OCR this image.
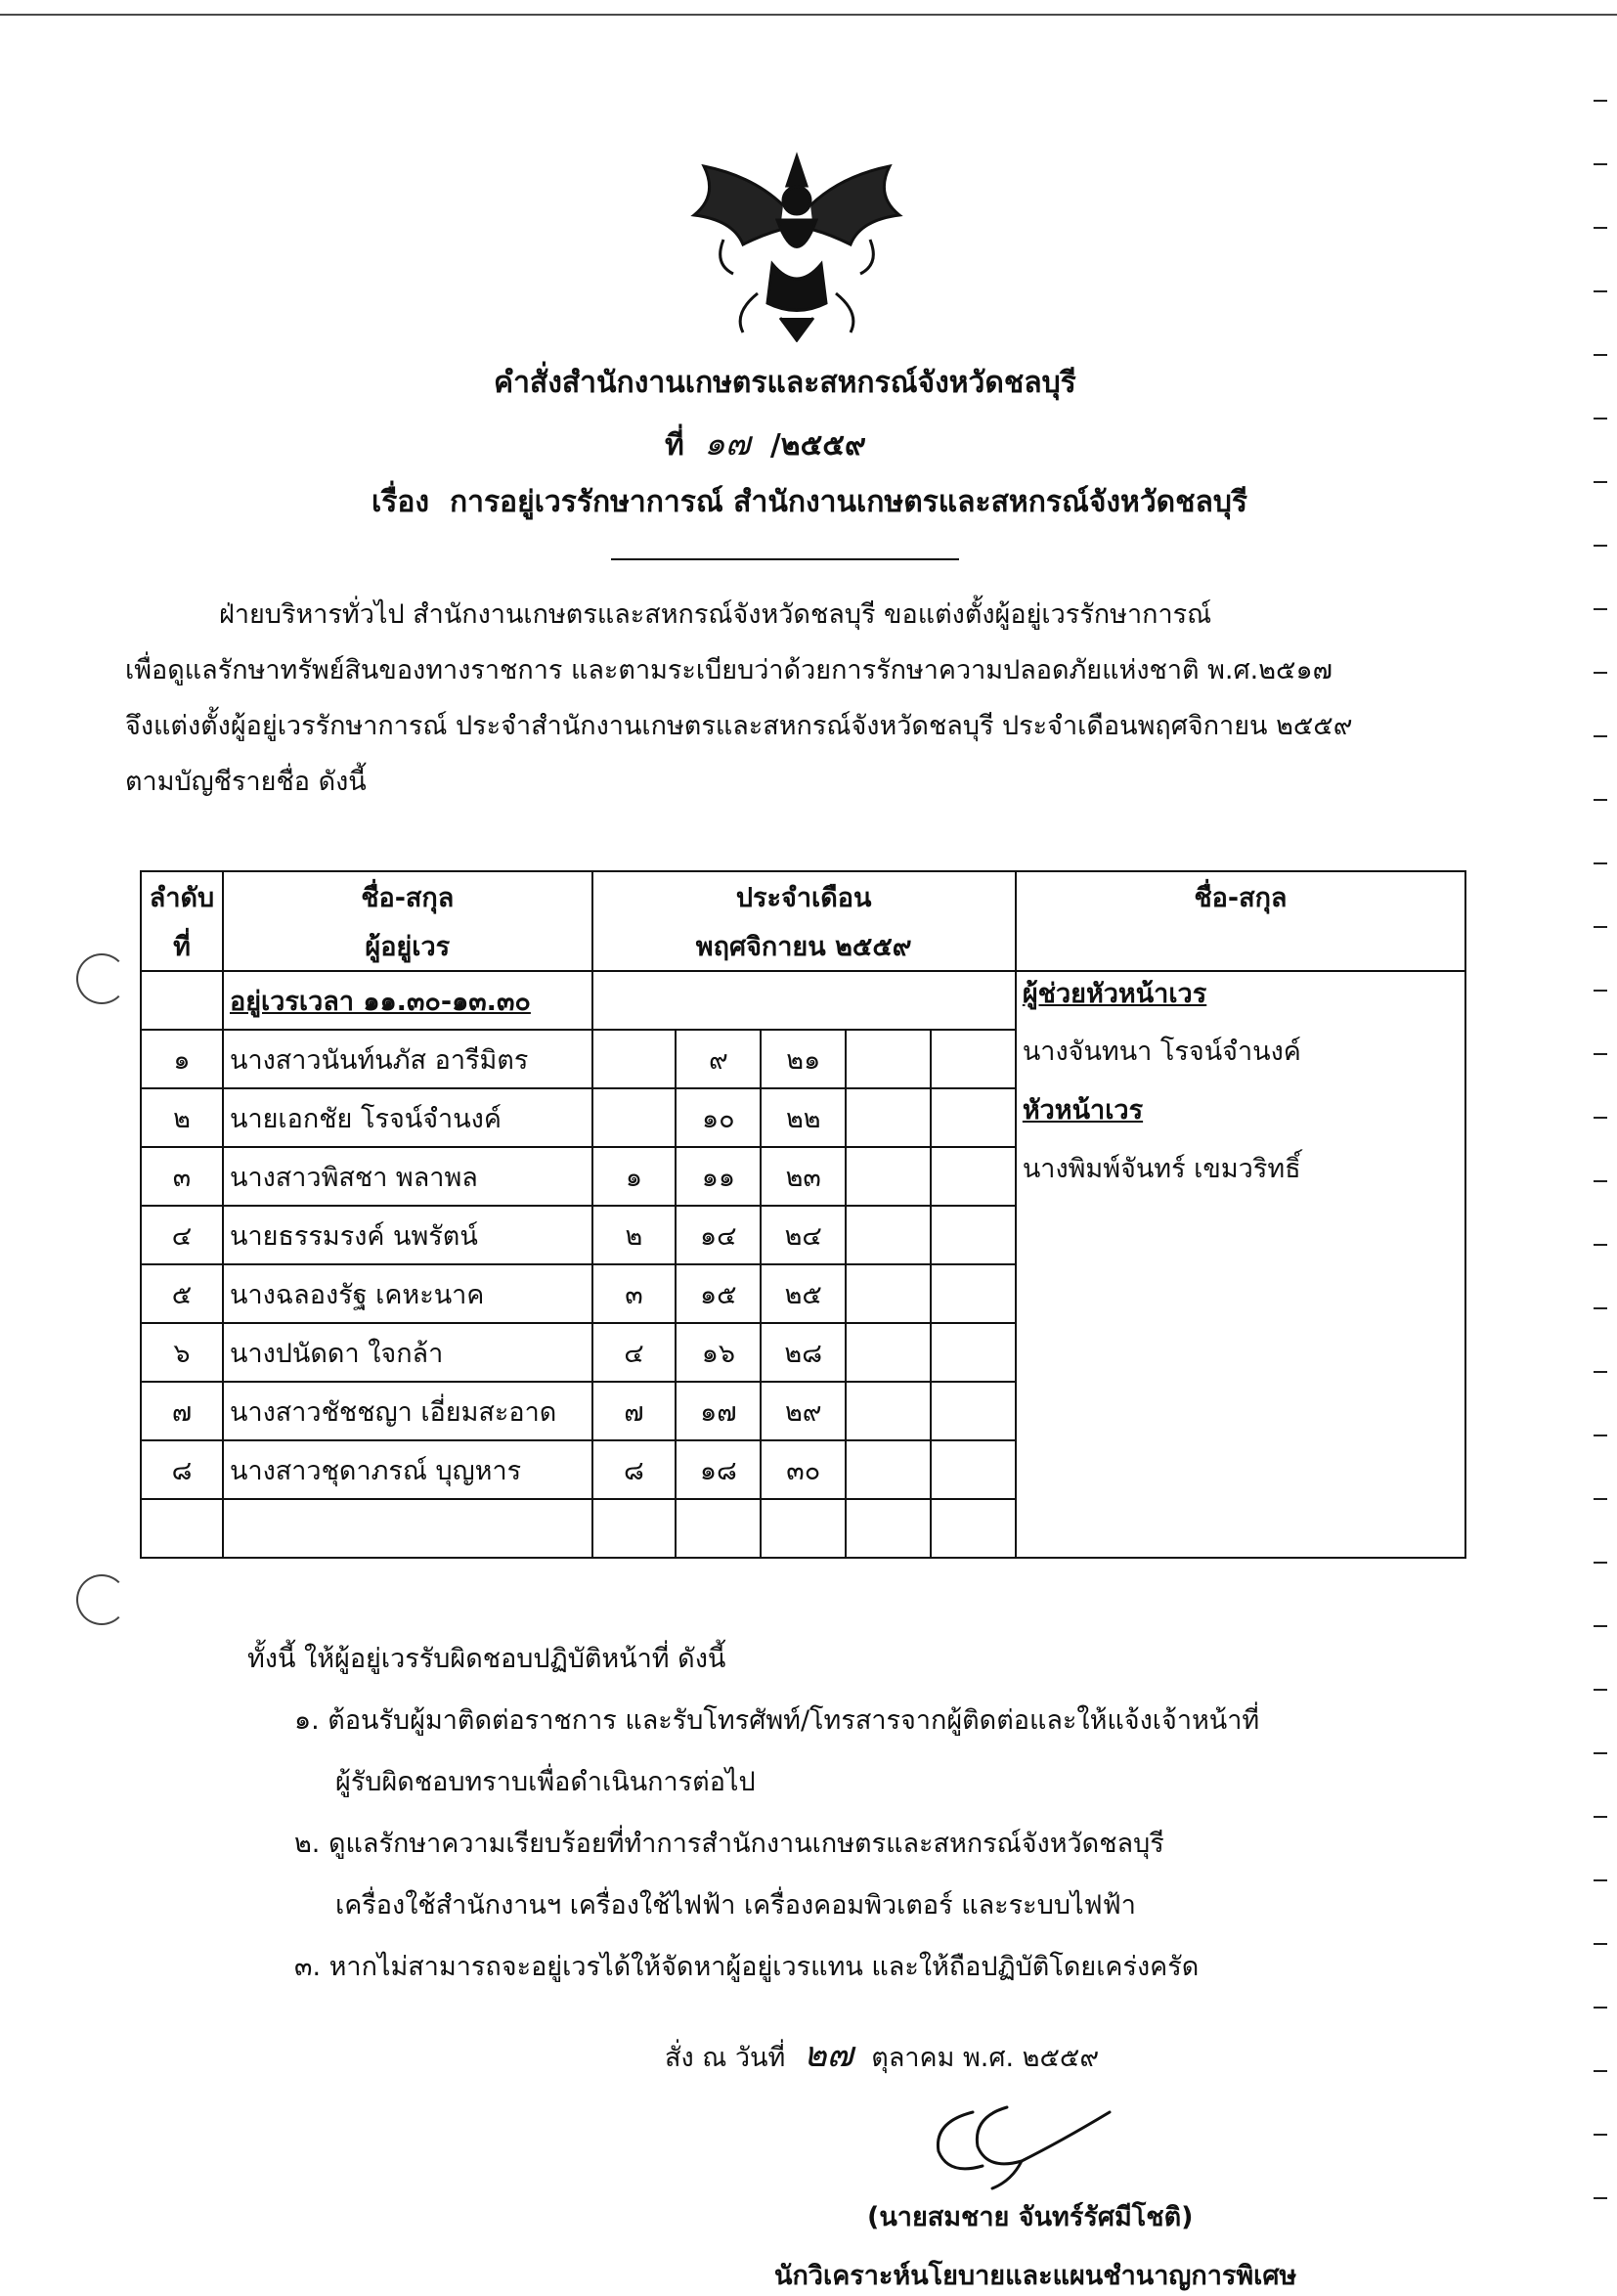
คำสั่งสำนักงานเกษตรและสหกรณ์จังหวัดชลบุรี
ที่ ๑๗ /๒๕๕๙
เรื่อง การอยู่เวรรักษาการณ์ สำนักงานเกษตรและสหกรณ์จังหวัดชลบุรี
ฝ่ายบริหารทั่วไป สำนักงานเกษตรและสหกรณ์จังหวัดชลบุรี ขอแต่งตั้งผู้อยู่เวรรักษาการณ์
เพื่อดูแลรักษาทรัพย์สินของทางราชการ และตามระเบียบว่าด้วยการรักษาความปลอดภัยแห่งชาติ พ.ศ.๒๕๑๗
จึงแต่งตั้งผู้อยู่เวรรักษาการณ์ ประจำสำนักงานเกษตรและสหกรณ์จังหวัดชลบุรี ประจำเดือนพฤศจิกายน ๒๕๕๙
ตามบัญชีรายชื่อ ดังนี้
ลำดับ	ชื่อ-สกุล	ประจำเดือน					ชื่อ-สกุล
ที่	ผู้อยู่เวร	พฤศจิกายน ๒๕๕๙					
	อยู่เวรเวลา ๑๑.๓๐-๑๓.๓๐						ผู้ช่วยหัวหน้าเวร
๑	นางสาวนันท์นภัส อารีมิตร		๙	๒๑			นางจันทนา โรจน์จำนงค์
๒	นายเอกชัย โรจน์จำนงค์		๑๐	๒๒			หัวหน้าเวร
๓	นางสาวพิสชา พลาพล	๑	๑๑	๒๓			นางพิมพ์จันทร์ เขมวริทธิ์
๔	นายธรรมรงค์ นพรัตน์	๒	๑๔	๒๔			
๕	นางฉลองรัฐ เคหะนาค	๓	๑๕	๒๕			
๖	นางปนัดดา ใจกล้า	๔	๑๖	๒๘			
๗	นางสาวชัชชญา เอี่ยมสะอาด	๗	๑๗	๒๙			
๘	นางสาวชุดาภรณ์ บุญหาร	๘	๑๘	๓๐			

ทั้งนี้ ให้ผู้อยู่เวรรับผิดชอบปฏิบัติหน้าที่ ดังนี้
๑. ต้อนรับผู้มาติดต่อราชการ และรับโทรศัพท์/โทรสารจากผู้ติดต่อและให้แจ้งเจ้าหน้าที่
ผู้รับผิดชอบทราบเพื่อดำเนินการต่อไป
๒. ดูแลรักษาความเรียบร้อยที่ทำการสำนักงานเกษตรและสหกรณ์จังหวัดชลบุรี
เครื่องใช้สำนักงานฯ เครื่องใช้ไฟฟ้า เครื่องคอมพิวเตอร์ และระบบไฟฟ้า
๓. หากไม่สามารถจะอยู่เวรได้ให้จัดหาผู้อยู่เวรแทน และให้ถือปฏิบัติโดยเคร่งครัด
สั่ง ณ วันที่ ๒๗ ตุลาคม พ.ศ. ๒๕๕๙
(นายสมชาย จันทร์รัศมีโชติ)
นักวิเคราะห์นโยบายและแผนชำนาญการพิเศษ
